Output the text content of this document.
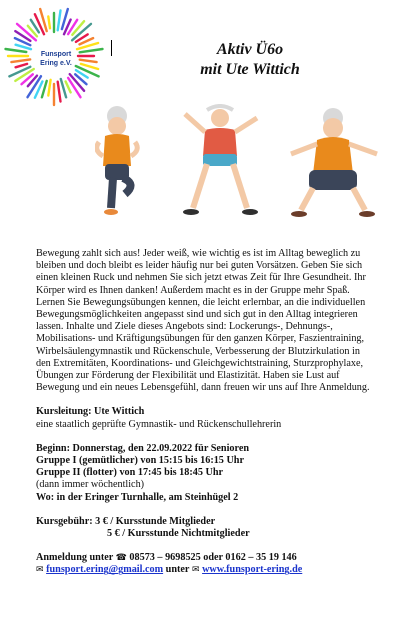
Funsport
Ering e.V.
Aktiv Ü6o
mit Ute Wittich

Bewegung zahlt sich aus! Jeder weiß, wie wichtig es ist im Alltag beweglich zu bleiben und doch bleibt es leider häufig nur bei guten Vorsätzen. Geben Sie sich einen kleinen Ruck und nehmen Sie sich jetzt etwas Zeit für Ihre Gesundheit. Ihr Körper wird es Ihnen danken! Außerdem macht es in der Gruppe mehr Spaß. Lernen Sie Bewegungsübungen kennen, die leicht erlernbar, an die individuellen Bewegungsmöglichkeiten angepasst sind und sich gut in den Alltag integrieren lassen. Inhalte und Ziele dieses Angebots sind: Lockerungs-, Dehnungs-, Mobilisations- und Kräftigungsübungen für den ganzen Körper, Faszientraining, Wirbelsäulengymnastik und Rückenschule, Verbesserung der Blutzirkulation in den Extremitäten, Koordinations- und Gleichgewichtstraining, Sturzprophylaxe, Übungen zur Förderung der Flexibilität und Elastizität. Haben sie Lust auf Bewegung und ein neues Lebensgefühl, dann freuen wir uns auf Ihre Anmeldung.

Kursleitung: Ute Wittich
eine staatlich geprüfte Gymnastik- und Rückenschullehrerin
Beginn: Donnerstag, den 22.09.2022 für Senioren
Gruppe I (gemütlicher) von 15:15 bis 16:15 Uhr
Gruppe II (flotter) von 17:45 bis 18:45 Uhr
(dann immer wöchentlich)
Wo: in der Eringer Turnhalle, am Steinhügel 2
Kursgebühr: 3 € / Kursstunde Mitglieder
5 € / Kursstunde Nichtmitglieder
Anmeldung unter ☎ 08573 – 9698525 oder 0162 – 35 19 146
✉ funsport.ering@gmail.com unter ✉ www.funsport-ering.de
